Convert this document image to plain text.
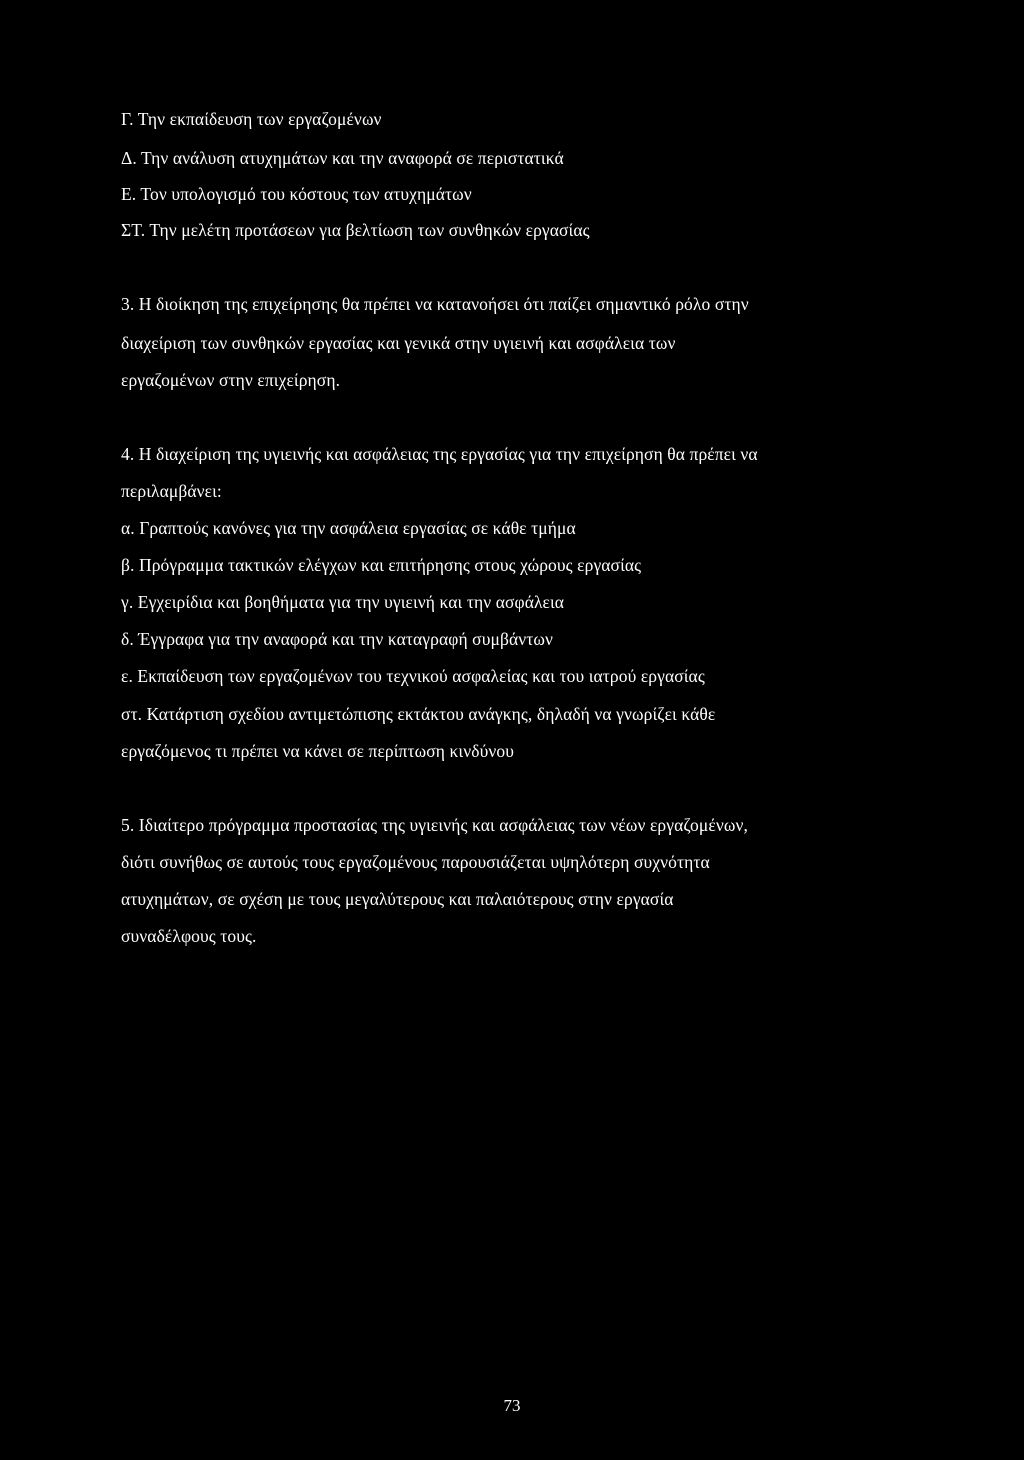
Γ. Την εκπαίδευση των εργαζομένων
Δ. Την ανάλυση ατυχημάτων και την αναφορά σε περιστατικά
Ε. Τον υπολογισμό του κόστους των ατυχημάτων
ΣΤ. Την μελέτη προτάσεων για βελτίωση των συνθηκών εργασίας
3. Η διοίκηση της επιχείρησης θα πρέπει να κατανοήσει ότι παίζει σημαντικό ρόλο στην
διαχείριση των συνθηκών εργασίας και γενικά στην υγιεινή και ασφάλεια των
εργαζομένων στην επιχείρηση.
4. Η διαχείριση της υγιεινής και ασφάλειας της εργασίας για την επιχείρηση θα πρέπει να
περιλαμβάνει:
α. Γραπτούς κανόνες για την ασφάλεια εργασίας σε κάθε τμήμα
β. Πρόγραμμα τακτικών ελέγχων και επιτήρησης στους χώρους εργασίας
γ. Εγχειρίδια και βοηθήματα για την υγιεινή και την ασφάλεια
δ. Έγγραφα για την αναφορά και την καταγραφή συμβάντων
ε. Εκπαίδευση των εργαζομένων του τεχνικού ασφαλείας και του ιατρού εργασίας
στ. Κατάρτιση σχεδίου αντιμετώπισης εκτάκτου ανάγκης, δηλαδή να γνωρίζει κάθε
εργαζόμενος τι πρέπει να κάνει σε περίπτωση κινδύνου
5. Ιδιαίτερο πρόγραμμα προστασίας της υγιεινής και ασφάλειας των νέων εργαζομένων,
διότι συνήθως σε αυτούς τους εργαζομένους παρουσιάζεται υψηλότερη συχνότητα
ατυχημάτων, σε σχέση με τους μεγαλύτερους και παλαιότερους στην εργασία
συναδέλφους τους.
73
